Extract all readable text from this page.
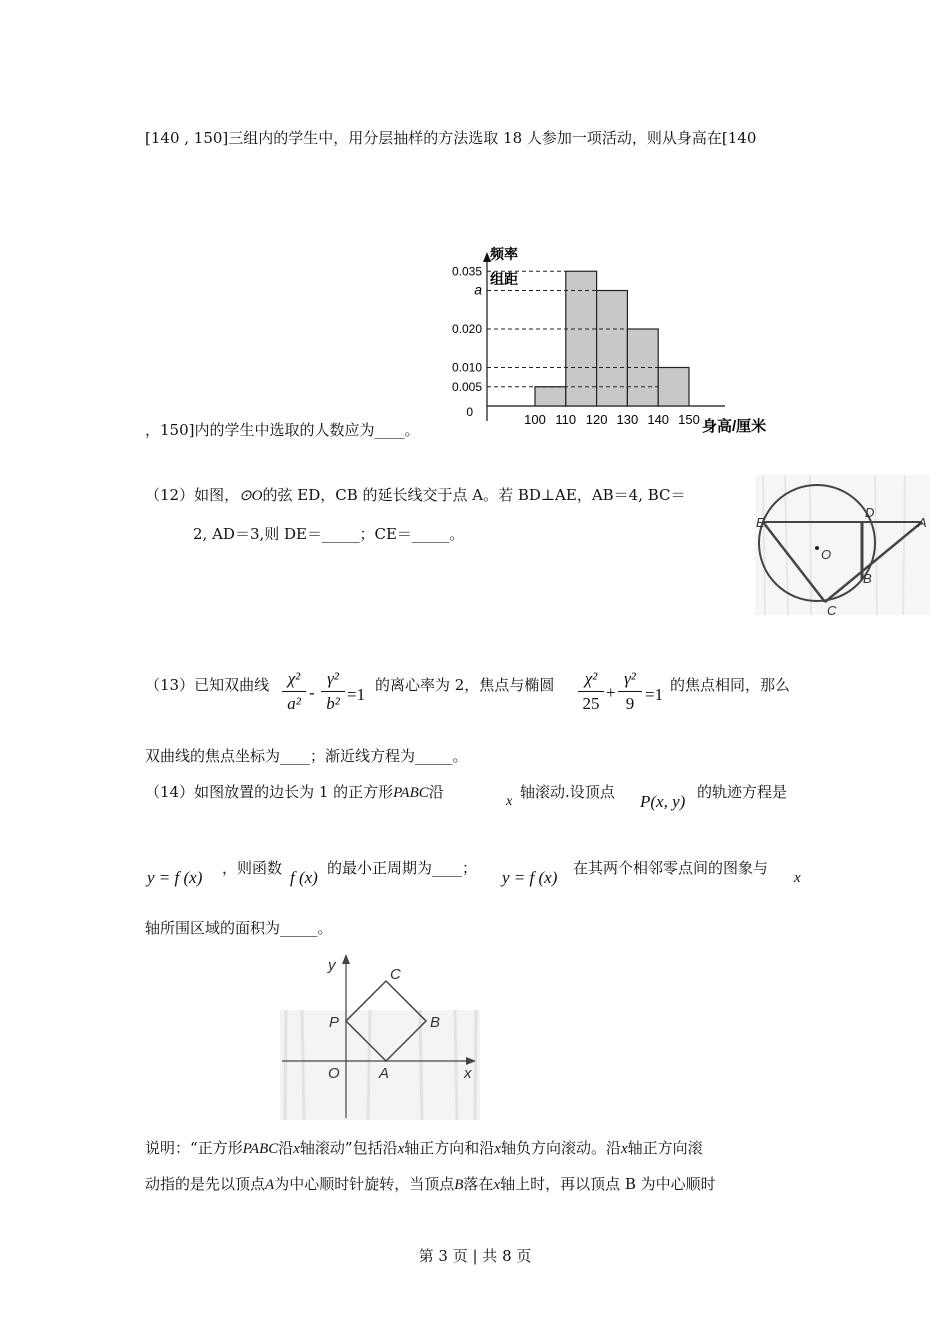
[140 , 150]三组内的学生中，用分层抽样的方法选取 18 人参加一项活动，则从身高在[140
频率
组距
0.035
a
0.020
0.010
0.005
0	100 110 120 130 140 150 身高/厘米
，150]内的学生中选取的人数应为____。
（12）如图，⊙O的弦 ED，CB 的延长线交于点 A。若 BD⊥AE，AB＝4, BC＝
2, AD＝3,则 DE＝_____；CE＝_____。
E
D
A
O
B
C
（13）已知双曲线	χ²
a²
-
γ²
b² =1 的离心率为 2，焦点与椭圆	χ²
25
+
γ²
9 =1 的焦点相同，那么
双曲线的焦点坐标为____；渐近线方程为_____。
（14）如图放置的边长为 1 的正方形PABC沿
x
轴滚动.设顶点 P(x, y) 的轨迹方程是
y = f (x) ，则函数 f (x) 的最小正周期为____； y = f (x) 在其两个相邻零点间的图象与
x
轴所围区域的面积为_____。
y
C
P	B
O	A	x
说明：“正方形PABC沿x轴滚动”包括沿x轴正方向和沿x轴负方向滚动。沿x轴正方向滚
动指的是先以顶点A为中心顺时针旋转，当顶点B落在x轴上时，再以顶点 B 为中心顺时
第 3 页 | 共 8 页
